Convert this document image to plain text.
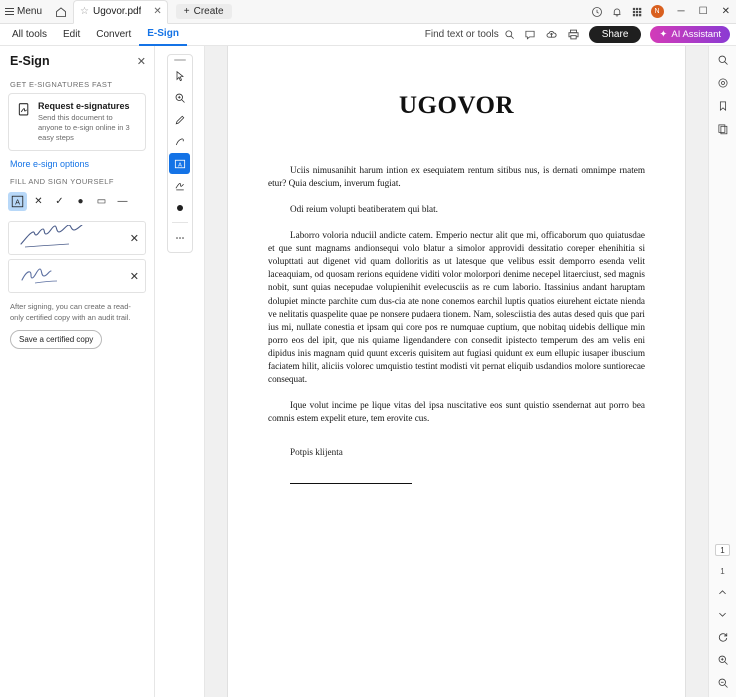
Menu	☆ Ugovor.pdf ✕ + Create	N	─ ☐ ✕
All tools	Edit	Convert	E-Sign	Find text or tools	Share	✦ AI Assistant
E-Sign	✕
GET E-SIGNATURES FAST
Request e-signatures
Send this document to anyone to e-sign online in 3 easy steps
More e-sign options
FILL AND SIGN YOURSELF
A	✕	✓	●	▭	—
✕
✕
After signing, you can create a read-only certified copy with an audit trail.
Save a certified copy
A
UGOVOR

Uciis nimusanihit harum intion ex esequiatem rentum sitibus nus, is dernati omnimpe rnatem etur? Quia descium, inverum fugiat.

Odi reium volupti beatiberatem qui blat.

Laborro voloria nduciil andicte catem. Emperio nectur alit que mi, officaborum quo quiatusdae et que sunt magnams andionsequi volo blatur a simolor approvidi dessitatio coreper ehenihitia si volupttati aut digenet vid quam dolloritis as ut latesque que velibus essit demporro esenda velit laceaquiam, od quosam rerions equidene viditi volor molorpori denime necepel litaerciust, sed magnis nobit, sunt quias necepudae volupienihit evelecusciis as re cum laborio. Itassinius andant haruptam dolupiet mincte parchite cum dus-cia ate none conemos earchil luptis quatios eiurehent eictate nienda ve nelitatis quaspelite quae pe nonsere pudaera tionem. Nam, solesciistia des autas desed quis que pari ius mi, nullate conestia et ipsam qui core pos re numquae cuptium, que nobitaq uidebis dellique min porro eos del ipit, que nis quiame ligendandere con consedit ipistecto temperum des am velis eni dipidus inis magnam quid quunt exceris quisitem aut fugiasi quidunt ex eum ellupic iusaper ibuscium faciatem hilit, aliciis volorec umquistio testint modisti vit pernat eliquib usdandios molore suntiorecae consequat.

Ique volut incime pe lique vitas del ipsa nuscitative eos sunt quistio ssendernat aut porro bea comnis estem expelit eture, tem erovite cus.

Potpis klijenta

1
1
